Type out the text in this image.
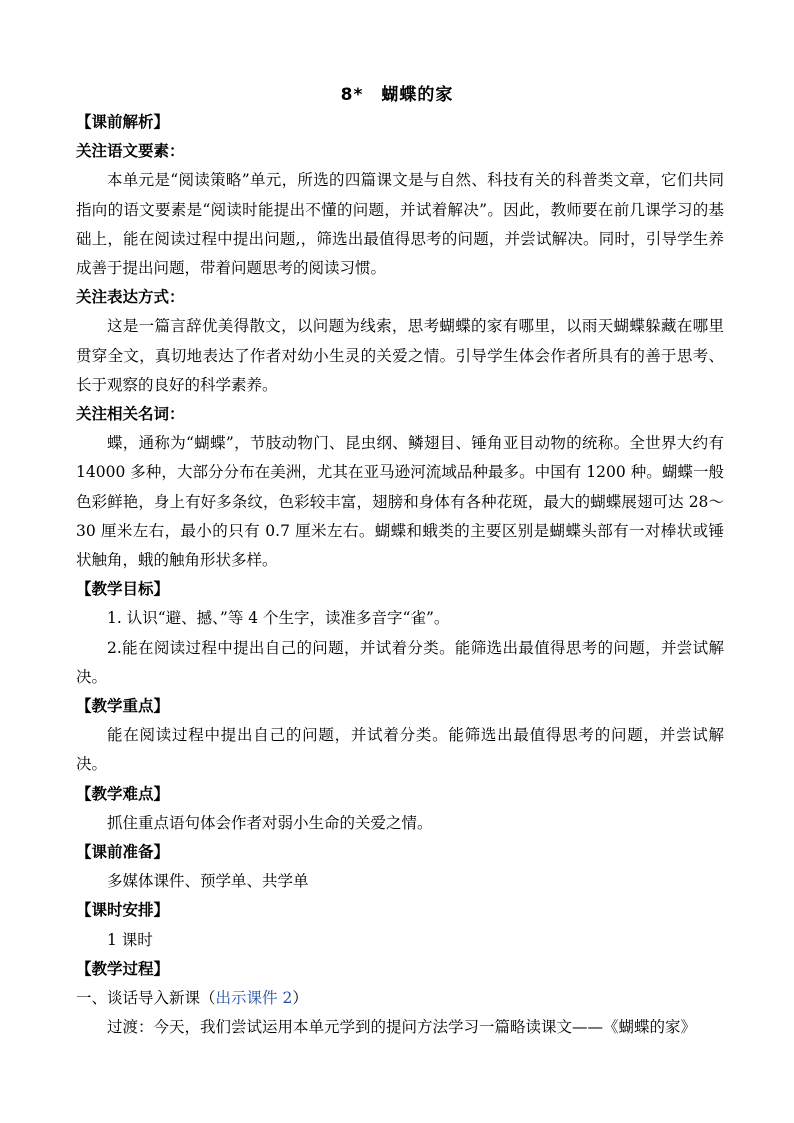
8* 蝴蝶的家

【课前解析】

关注语文要素：

本单元是“阅读策略”单元，所选的四篇课文是与自然、科技有关的科普类文章，它们共同指向的语文要素是“阅读时能提出不懂的问题，并试着解决”。因此，教师要在前几课学习的基础上，能在阅读过程中提出问题,，筛选出最值得思考的问题，并尝试解决。同时，引导学生养成善于提出问题，带着问题思考的阅读习惯。

关注表达方式：

这是一篇言辞优美得散文，以问题为线索，思考蝴蝶的家有哪里，以雨天蝴蝶躲藏在哪里贯穿全文，真切地表达了作者对幼小生灵的关爱之情。引导学生体会作者所具有的善于思考、长于观察的良好的科学素养。

关注相关名词：

蝶，通称为“蝴蝶”，节肢动物门、昆虫纲、鳞翅目、锤角亚目动物的统称。全世界大约有 14000 多种，大部分分布在美洲，尤其在亚马逊河流域品种最多。中国有 1200 种。蝴蝶一般色彩鲜艳，身上有好多条纹，色彩较丰富，翅膀和身体有各种花斑，最大的蝴蝶展翅可达 28～30 厘米左右，最小的只有 0.7 厘米左右。蝴蝶和蛾类的主要区别是蝴蝶头部有一对棒状或锤状触角，蛾的触角形状多样。

【教学目标】

1. 认识“避、撼、”等 4 个生字，读准多音字“雀”。

2.能在阅读过程中提出自己的问题，并试着分类。能筛选出最值得思考的问题，并尝试解决。

【教学重点】

能在阅读过程中提出自己的问题，并试着分类。能筛选出最值得思考的问题，并尝试解决。

【教学难点】

抓住重点语句体会作者对弱小生命的关爱之情。

【课前准备】

多媒体课件、预学单、共学单

【课时安排】

1 课时

【教学过程】

一、谈话导入新课（出示课件 2）

过渡：今天，我们尝试运用本单元学到的提问方法学习一篇略读课文——《蝴蝶的家》
